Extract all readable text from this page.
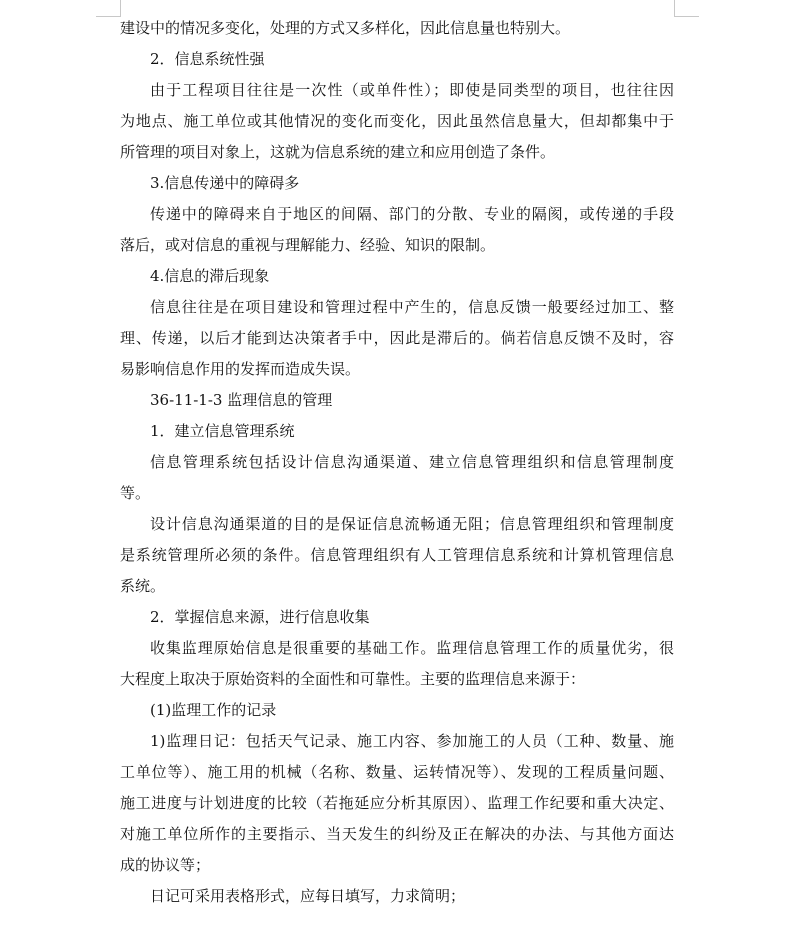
建设中的情况多变化，处理的方式又多样化，因此信息量也特别大。
2．信息系统性强
由于工程项目往往是一次性（或单件性）；即使是同类型的项目，也往往因
为地点、施工单位或其他情况的变化而变化，因此虽然信息量大，但却都集中于
所管理的项目对象上，这就为信息系统的建立和应用创造了条件。
3.信息传递中的障碍多
传递中的障碍来自于地区的间隔、部门的分散、专业的隔阂，或传递的手段
落后，或对信息的重视与理解能力、经验、知识的限制。
4.信息的滞后现象
信息往往是在项目建设和管理过程中产生的，信息反馈一般要经过加工、整
理、传递，以后才能到达决策者手中，因此是滞后的。倘若信息反馈不及时，容
易影响信息作用的发挥而造成失误。
36-11-1-3 监理信息的管理
1．建立信息管理系统
信息管理系统包括设计信息沟通渠道、建立信息管理组织和信息管理制度
等。
设计信息沟通渠道的目的是保证信息流畅通无阻；信息管理组织和管理制度
是系统管理所必须的条件。信息管理组织有人工管理信息系统和计算机管理信息
系统。
2．掌握信息来源，进行信息收集
收集监理原始信息是很重要的基础工作。监理信息管理工作的质量优劣，很
大程度上取决于原始资料的全面性和可靠性。主要的监理信息来源于：
(1)监理工作的记录
1)监理日记：包括天气记录、施工内容、参加施工的人员（工种、数量、施
工单位等）、施工用的机械（名称、数量、运转情况等）、发现的工程质量问题、
施工进度与计划进度的比较（若拖延应分析其原因）、监理工作纪要和重大决定、
对施工单位所作的主要指示、当天发生的纠纷及正在解决的办法、与其他方面达
成的协议等；
日记可采用表格形式，应每日填写，力求简明；
